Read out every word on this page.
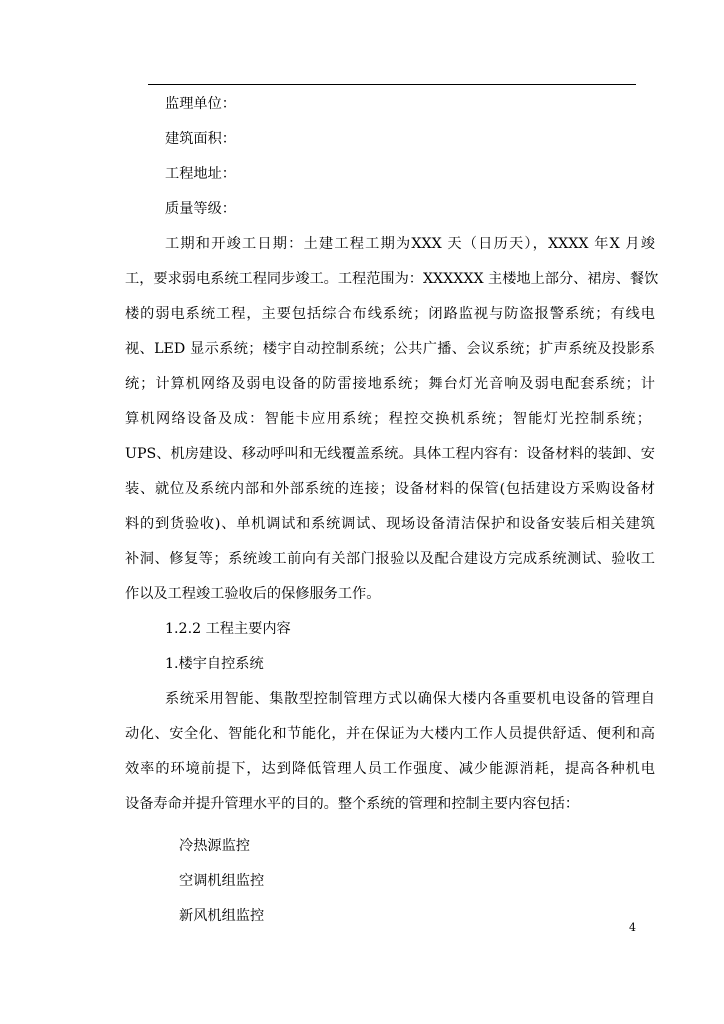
监理单位：
建筑面积：
工程地址：
质量等级：
工期和开竣工日期：土建工程工期为XXX 天（日历天），XXXX 年X 月竣
工，要求弱电系统工程同步竣工。工程范围为：XXXXXX 主楼地上部分、裙房、餐饮
楼的弱电系统工程，主要包括综合布线系统；闭路监视与防盗报警系统；有线电
视、LED 显示系统；楼宇自动控制系统；公共广播、会议系统；扩声系统及投影系
统；计算机网络及弱电设备的防雷接地系统；舞台灯光音响及弱电配套系统；计
算机网络设备及成：智能卡应用系统；程控交换机系统；智能灯光控制系统；
UPS、机房建设、移动呼叫和无线覆盖系统。具体工程内容有：设备材料的装卸、安
装、就位及系统内部和外部系统的连接；设备材料的保管(包括建设方采购设备材
料的到货验收)、单机调试和系统调试、现场设备清洁保护和设备安装后相关建筑
补洞、修复等；系统竣工前向有关部门报验以及配合建设方完成系统测试、验收工
作以及工程竣工验收后的保修服务工作。
1.2.2 工程主要内容
1.楼宇自控系统
系统采用智能、集散型控制管理方式以确保大楼内各重要机电设备的管理自
动化、安全化、智能化和节能化，并在保证为大楼内工作人员提供舒适、便利和高
效率的环境前提下，达到降低管理人员工作强度、减少能源消耗，提高各种机电
设备寿命并提升管理水平的目的。整个系统的管理和控制主要内容包括：
冷热源监控
空调机组监控
新风机组监控
4
